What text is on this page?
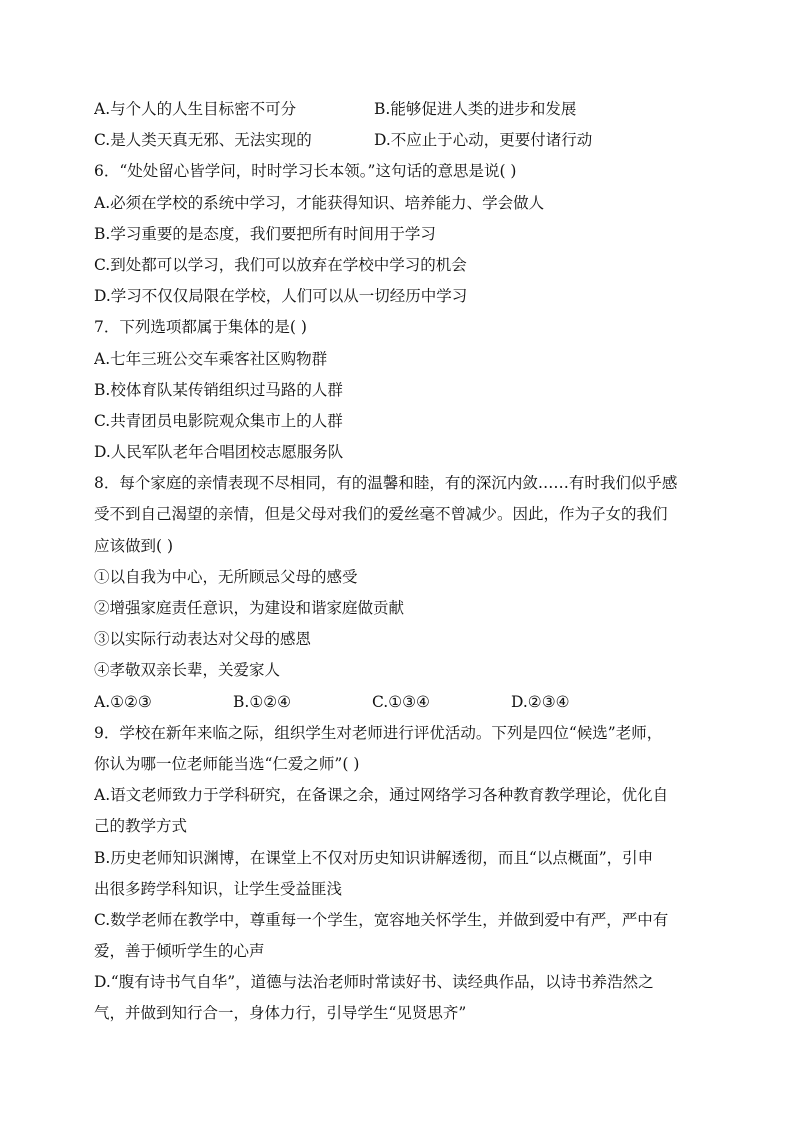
A.与个人的人生目标密不可分	B.能够促进人类的进步和发展
C.是人类天真无邪、无法实现的	D.不应止于心动，更要付诸行动
6．“处处留心皆学问，时时学习长本领。”这句话的意思是说( )
A.必须在学校的系统中学习，才能获得知识、培养能力、学会做人
B.学习重要的是态度，我们要把所有时间用于学习
C.到处都可以学习，我们可以放弃在学校中学习的机会
D.学习不仅仅局限在学校，人们可以从一切经历中学习
7．下列选项都属于集体的是( )
A.七年三班公交车乘客社区购物群
B.校体育队某传销组织过马路的人群
C.共青团员电影院观众集市上的人群
D.人民军队老年合唱团校志愿服务队
8．每个家庭的亲情表现不尽相同，有的温馨和睦，有的深沉内敛……有时我们似乎感
受不到自己渴望的亲情，但是父母对我们的爱丝毫不曾减少。因此，作为子女的我们
应该做到( )
①以自我为中心，无所顾忌父母的感受
②增强家庭责任意识，为建设和谐家庭做贡献
③以实际行动表达对父母的感恩
④孝敬双亲长辈，关爱家人
A.①②③	B.①②④	C.①③④	D.②③④
9．学校在新年来临之际，组织学生对老师进行评优活动。下列是四位“候选”老师，
你认为哪一位老师能当选“仁爱之师”( )
A.语文老师致力于学科研究，在备课之余，通过网络学习各种教育教学理论，优化自
己的教学方式
B.历史老师知识渊博，在课堂上不仅对历史知识讲解透彻，而且“以点概面”，引申
出很多跨学科知识，让学生受益匪浅
C.数学老师在教学中，尊重每一个学生，宽容地关怀学生，并做到爱中有严，严中有
爱，善于倾听学生的心声
D.“腹有诗书气自华”，道德与法治老师时常读好书、读经典作品，以诗书养浩然之
气，并做到知行合一，身体力行，引导学生“见贤思齐”
